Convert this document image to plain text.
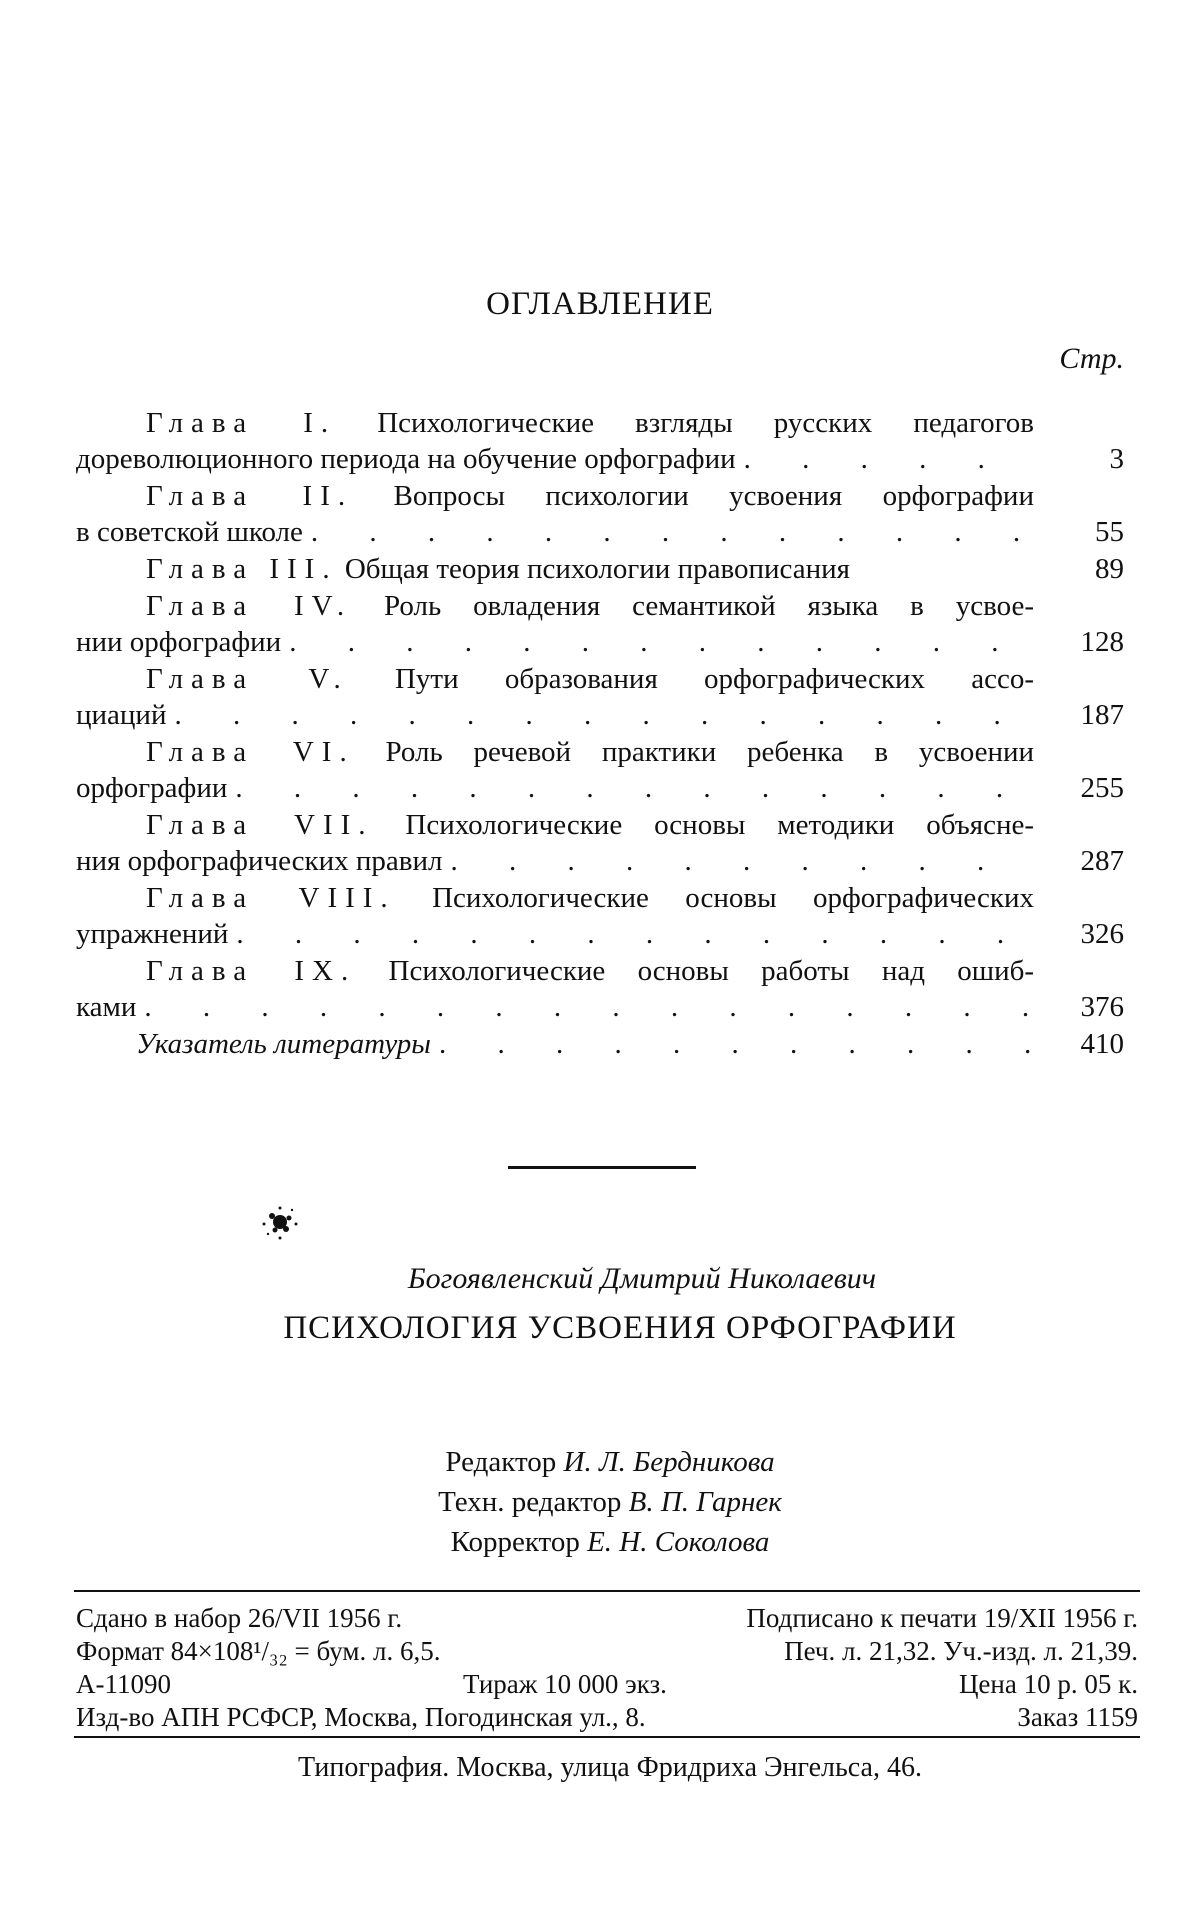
ОГЛАВЛЕНИЕ
Стр.
Глава I. Психологические взгляды русских педагогов
дореволюционного периода на обучение орфографии . . .	3
Глава II. Вопросы психологии усвоения орфографии
в советской школе . . .	55
Глава III.
Общая теория психологии правописания	89
Глава IV. Роль овладения семантикой языка в усвое-
нии орфографии . . .	128
Глава V. Пути образования орфографических ассо-
циаций . . .	187
Глава VI. Роль речевой практики ребенка в усвоении
орфографии . . .	255
Глава VII. Психологические основы методики объясне-
ния орфографических правил . . .	287
Глава VIII. Психологические основы орфографических
упражнений . . .	326
Глава IX. Психологические основы работы над ошиб-
ками . . .	376
Указатель литературы . . .	410
Богоявленский Дмитрий Николаевич
ПСИХОЛОГИЯ УСВОЕНИЯ ОРФОГРАФИИ
Редактор И. Л. Бердникова
Техн. редактор В. П. Гарнек
Корректор Е. Н. Соколова
Сдано в набор 26/VII 1956 г.	Подписано к печати 19/XII 1956 г.
Формат 84×108¹/₃₂ = бум. л. 6,5.	Печ. л. 21,32. Уч.-изд. л. 21,39.
А-11090	Тираж 10 000 экз.	Цена 10 р. 05 к.
Изд-во АПН РСФСР, Москва, Погодинская ул., 8.	Заказ 1159
Типография. Москва, улица Фридриха Энгельса, 46.
